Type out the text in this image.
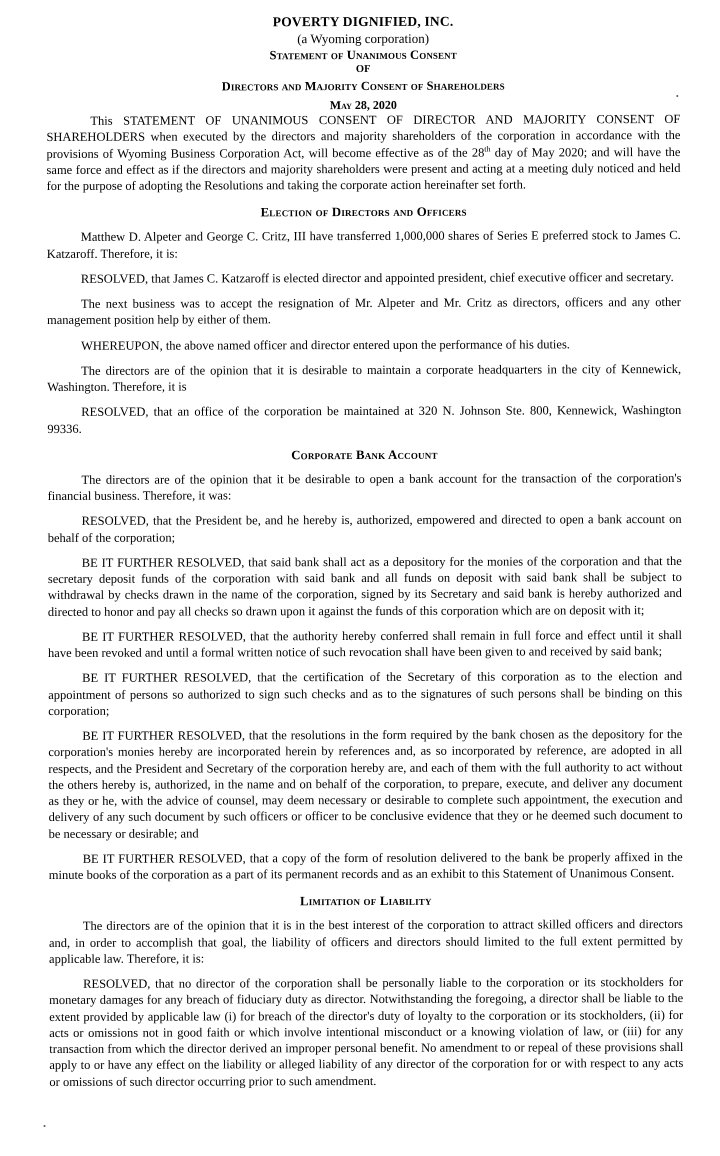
POVERTY DIGNIFIED, INC.
(a Wyoming corporation)
Statement of Unanimous Consent
OF
Directors and Majority Consent of Shareholders
May 28, 2020

This STATEMENT OF UNANIMOUS CONSENT OF DIRECTOR AND MAJORITY CONSENT OF SHAREHOLDERS when executed by the directors and majority shareholders of the corporation in accordance with the provisions of Wyoming Business Corporation Act, will become effective as of the 28th day of May 2020; and will have the same force and effect as if the directors and majority shareholders were present and acting at a meeting duly noticed and held for the purpose of adopting the Resolutions and taking the corporate action hereinafter set forth.

Election of Directors and Officers

Matthew D. Alpeter and George C. Critz, III have transferred 1,000,000 shares of Series E preferred stock to James C. Katzaroff. Therefore, it is:

RESOLVED, that James C. Katzaroff is elected director and appointed president, chief executive officer and secretary.

The next business was to accept the resignation of Mr. Alpeter and Mr. Critz as directors, officers and any other management position help by either of them.

WHEREUPON, the above named officer and director entered upon the performance of his duties.

The directors are of the opinion that it is desirable to maintain a corporate headquarters in the city of Kennewick, Washington. Therefore, it is

RESOLVED, that an office of the corporation be maintained at 320 N. Johnson Ste. 800, Kennewick, Washington 99336.

Corporate Bank Account

The directors are of the opinion that it be desirable to open a bank account for the transaction of the corporation's financial business. Therefore, it was:

RESOLVED, that the President be, and he hereby is, authorized, empowered and directed to open a bank account on behalf of the corporation;

BE IT FURTHER RESOLVED, that said bank shall act as a depository for the monies of the corporation and that the secretary deposit funds of the corporation with said bank and all funds on deposit with said bank shall be subject to withdrawal by checks drawn in the name of the corporation, signed by its Secretary and said bank is hereby authorized and directed to honor and pay all checks so drawn upon it against the funds of this corporation which are on deposit with it;

BE IT FURTHER RESOLVED, that the authority hereby conferred shall remain in full force and effect until it shall have been revoked and until a formal written notice of such revocation shall have been given to and received by said bank;

BE IT FURTHER RESOLVED, that the certification of the Secretary of this corporation as to the election and appointment of persons so authorized to sign such checks and as to the signatures of such persons shall be binding on this corporation;

BE IT FURTHER RESOLVED, that the resolutions in the form required by the bank chosen as the depository for the corporation's monies hereby are incorporated herein by references and, as so incorporated by reference, are adopted in all respects, and the President and Secretary of the corporation hereby are, and each of them with the full authority to act without the others hereby is, authorized, in the name and on behalf of the corporation, to prepare, execute, and deliver any document as they or he, with the advice of counsel, may deem necessary or desirable to complete such appointment, the execution and delivery of any such document by such officers or officer to be conclusive evidence that they or he deemed such document to be necessary or desirable; and

BE IT FURTHER RESOLVED, that a copy of the form of resolution delivered to the bank be properly affixed in the minute books of the corporation as a part of its permanent records and as an exhibit to this Statement of Unanimous Consent.

Limitation of Liability

The directors are of the opinion that it is in the best interest of the corporation to attract skilled officers and directors and, in order to accomplish that goal, the liability of officers and directors should limited to the full extent permitted by applicable law. Therefore, it is:

RESOLVED, that no director of the corporation shall be personally liable to the corporation or its stockholders for monetary damages for any breach of fiduciary duty as director. Notwithstanding the foregoing, a director shall be liable to the extent provided by applicable law (i) for breach of the director's duty of loyalty to the corporation or its stockholders, (ii) for acts or omissions not in good faith or which involve intentional misconduct or a knowing violation of law, or (iii) for any transaction from which the director derived an improper personal benefit. No amendment to or repeal of these provisions shall apply to or have any effect on the liability or alleged liability of any director of the corporation for or with respect to any acts or omissions of such director occurring prior to such amendment.
